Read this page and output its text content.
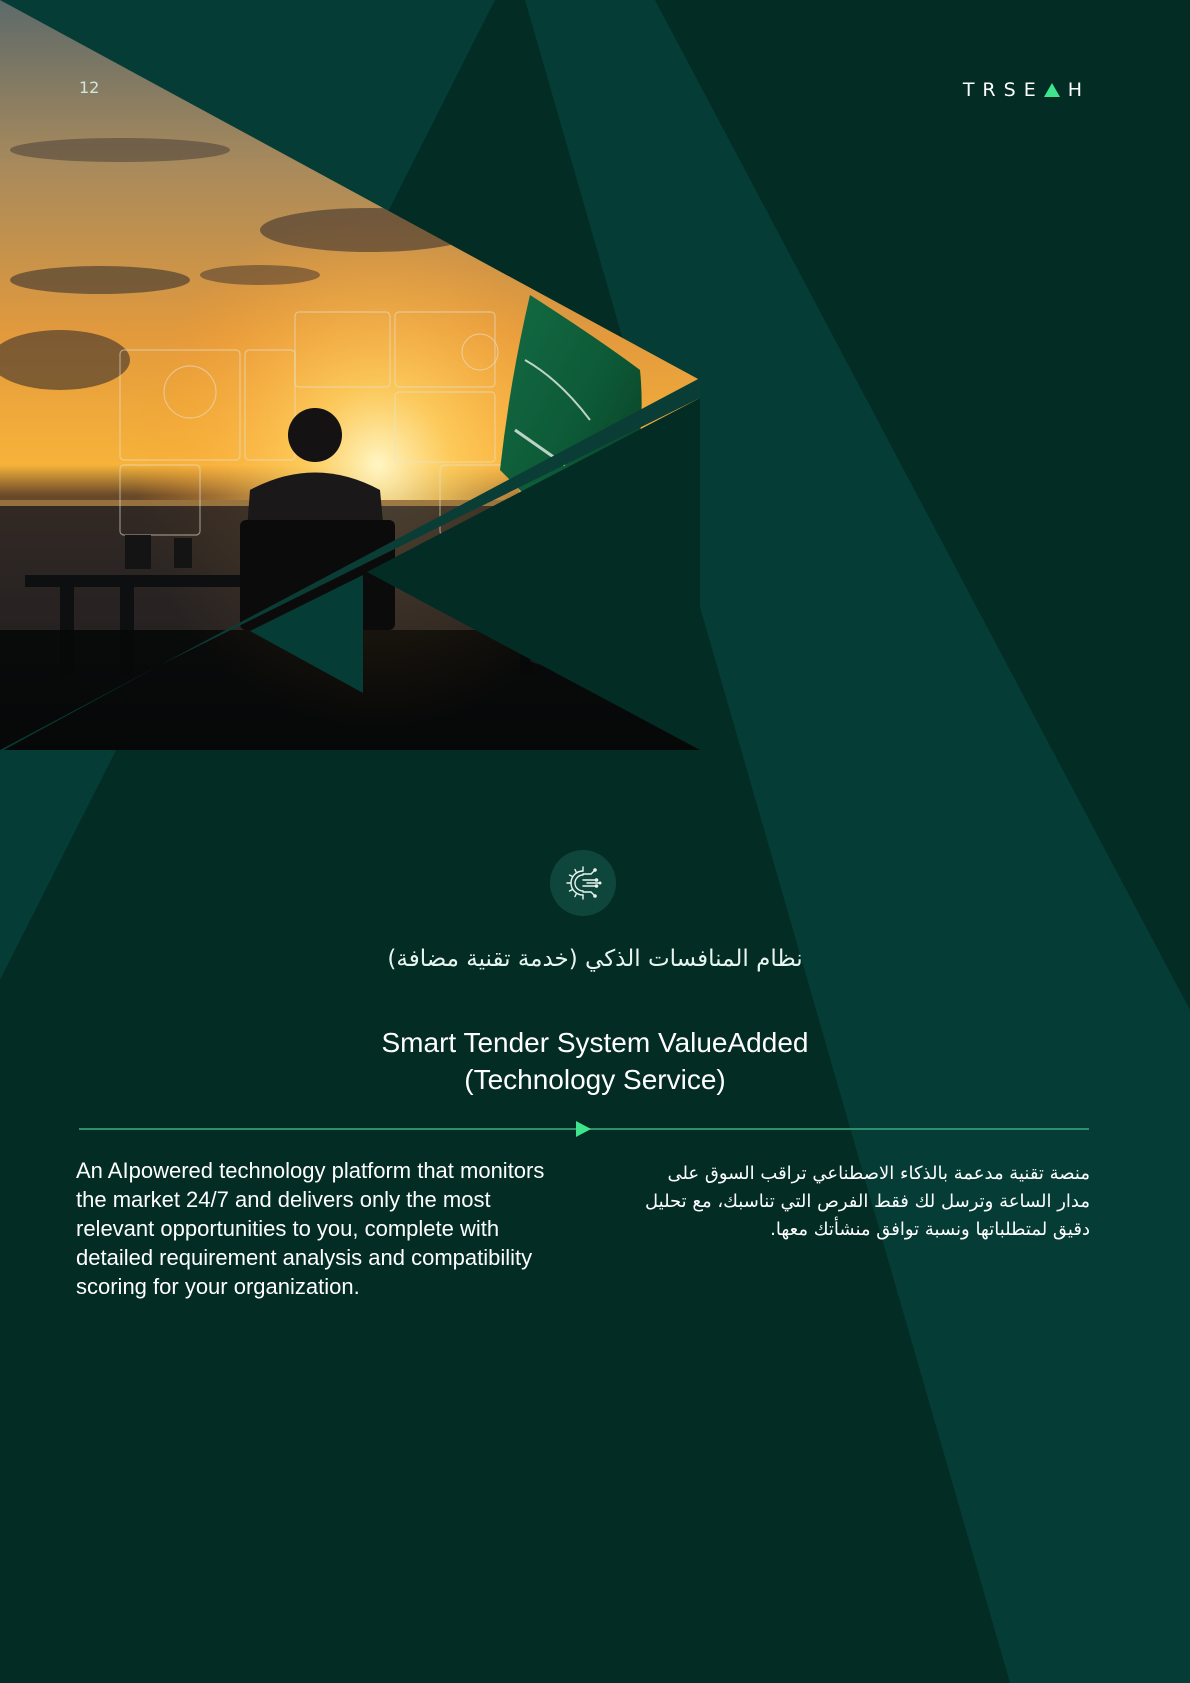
12	TRSE H
نظام المنافسات الذكي (خدمة تقنية مضافة)
Smart Tender System ValueAdded
(Technology Service)
An AIpowered technology platform that monitors the market 24/7 and delivers only the most relevant opportunities to you, complete with detailed requirement analysis and compatibility scoring for your organization.
منصة تقنية مدعمة بالذكاء الاصطناعي تراقب السوق على مدار الساعة وترسل لك فقط الفرص التي تناسبك، مع تحليل دقيق لمتطلباتها ونسبة توافق منشأتك معها.
